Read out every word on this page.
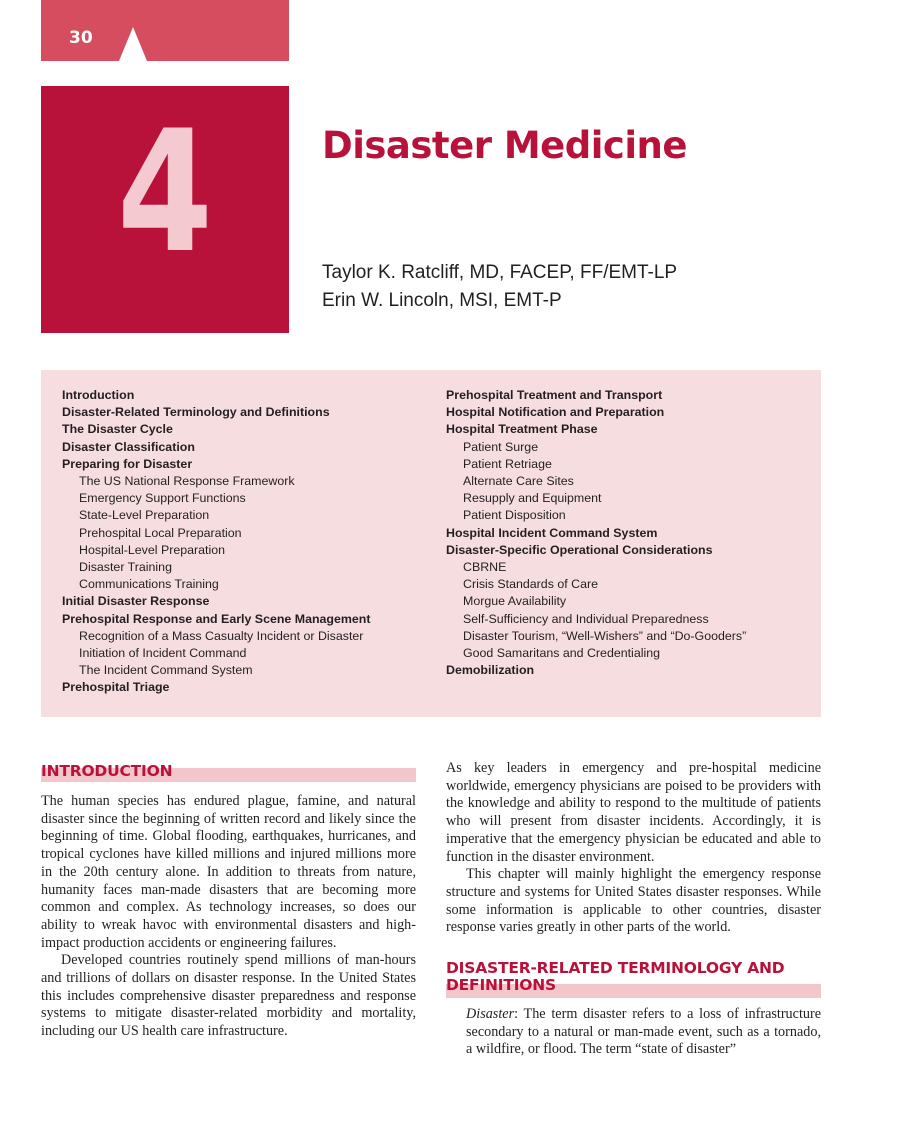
30
4	Disaster Medicine
Taylor K. Ratcliff, MD, FACEP, FF/EMT-LP
Erin W. Lincoln, MSI, EMT-P
Introduction
Disaster-Related Terminology and Definitions
The Disaster Cycle
Disaster Classification
Preparing for Disaster
The US National Response Framework
Emergency Support Functions
State-Level Preparation
Prehospital Local Preparation
Hospital-Level Preparation
Disaster Training
Communications Training
Initial Disaster Response
Prehospital Response and Early Scene Management
Recognition of a Mass Casualty Incident or Disaster
Initiation of Incident Command
The Incident Command System
Prehospital Triage
Prehospital Treatment and Transport
Hospital Notification and Preparation
Hospital Treatment Phase
Patient Surge
Patient Retriage
Alternate Care Sites
Resupply and Equipment
Patient Disposition
Hospital Incident Command System
Disaster-Specific Operational Considerations
CBRNE
Crisis Standards of Care
Morgue Availability
Self-Sufficiency and Individual Preparedness
Disaster Tourism, “Well-Wishers” and “Do-Gooders”
Good Samaritans and Credentialing
Demobilization
INTRODUCTION

The human species has endured plague, famine, and natural disaster since the beginning of written record and likely since the beginning of time. Global flooding, earthquakes, hurricanes, and tropical cyclones have killed millions and injured millions more in the 20th century alone. In addition to threats from nature, humanity faces man-made disasters that are becoming more common and complex. As technology increases, so does our ability to wreak havoc with environmental disasters and high-impact production accidents or engineering failures.

Developed countries routinely spend millions of man-hours and trillions of dollars on disaster response. In the United States this includes comprehensive disaster preparedness and response systems to mitigate disaster-related morbidity and mortality, including our US health care infrastructure.

As key leaders in emergency and pre-hospital medicine worldwide, emergency physicians are poised to be providers with the knowledge and ability to respond to the multitude of patients who will present from disaster incidents. Accordingly, it is imperative that the emergency physician be educated and able to function in the disaster environment.

This chapter will mainly highlight the emergency response structure and systems for United States disaster responses. While some information is applicable to other countries, disaster response varies greatly in other parts of the world.

DISASTER-RELATED TERMINOLOGY AND
DEFINITIONS

Disaster: The term disaster refers to a loss of infrastructure secondary to a natural or man-made event, such as a tornado, a wildfire, or flood. The term “state of disaster”
